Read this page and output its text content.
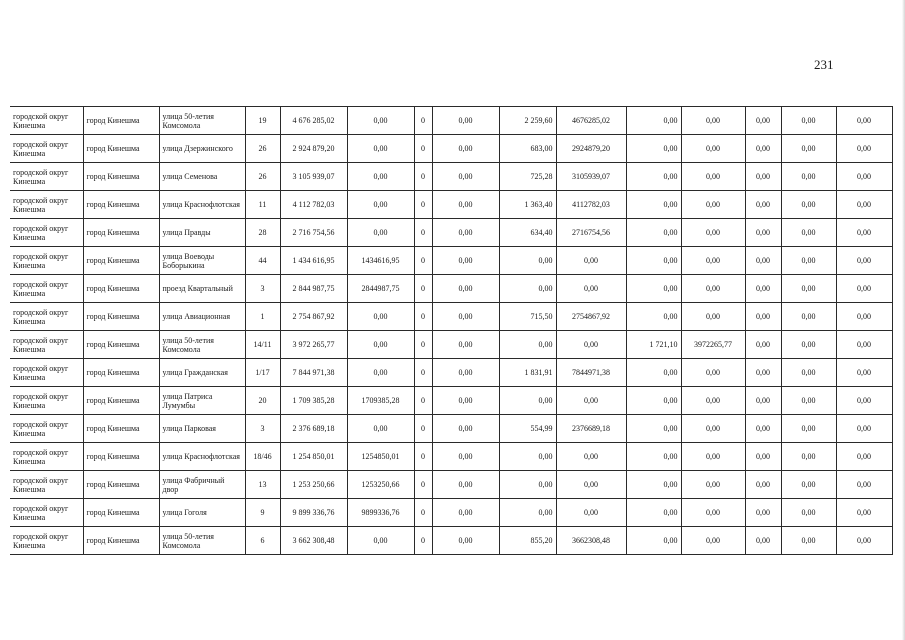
231
городской округ Кинешма	город Кинешма	улица 50-летия Комсомола	19	4 676 285,02	0,00	0	0,00	2 259,60	4676285,02	0,00	0,00	0,00	0,00	0,00
городской округ Кинешма	город Кинешма	улица Дзержинского	26	2 924 879,20	0,00	0	0,00	683,00	2924879,20	0,00	0,00	0,00	0,00	0,00
городской округ Кинешма	город Кинешма	улица Семенова	26	3 105 939,07	0,00	0	0,00	725,28	3105939,07	0,00	0,00	0,00	0,00	0,00
городской округ Кинешма	город Кинешма	улица Краснофлотская	11	4 112 782,03	0,00	0	0,00	1 363,40	4112782,03	0,00	0,00	0,00	0,00	0,00
городской округ Кинешма	город Кинешма	улица Правды	28	2 716 754,56	0,00	0	0,00	634,40	2716754,56	0,00	0,00	0,00	0,00	0,00
городской округ Кинешма	город Кинешма	улица Воеводы Боборыкина	44	1 434 616,95	1434616,95	0	0,00	0,00	0,00	0,00	0,00	0,00	0,00	0,00
городской округ Кинешма	город Кинешма	проезд Квартальный	3	2 844 987,75	2844987,75	0	0,00	0,00	0,00	0,00	0,00	0,00	0,00	0,00
городской округ Кинешма	город Кинешма	улица Авиационная	1	2 754 867,92	0,00	0	0,00	715,50	2754867,92	0,00	0,00	0,00	0,00	0,00
городской округ Кинешма	город Кинешма	улица 50-летия Комсомола	14/11	3 972 265,77	0,00	0	0,00	0,00	0,00	1 721,10	3972265,77	0,00	0,00	0,00
городской округ Кинешма	город Кинешма	улица Гражданская	1/17	7 844 971,38	0,00	0	0,00	1 831,91	7844971,38	0,00	0,00	0,00	0,00	0,00
городской округ Кинешма	город Кинешма	улица Патриса Лумумбы	20	1 709 385,28	1709385,28	0	0,00	0,00	0,00	0,00	0,00	0,00	0,00	0,00
городской округ Кинешма	город Кинешма	улица Парковая	3	2 376 689,18	0,00	0	0,00	554,99	2376689,18	0,00	0,00	0,00	0,00	0,00
городской округ Кинешма	город Кинешма	улица Краснофлотская	18/46	1 254 850,01	1254850,01	0	0,00	0,00	0,00	0,00	0,00	0,00	0,00	0,00
городской округ Кинешма	город Кинешма	улица Фабричный двор	13	1 253 250,66	1253250,66	0	0,00	0,00	0,00	0,00	0,00	0,00	0,00	0,00
городской округ Кинешма	город Кинешма	улица Гоголя	9	9 899 336,76	9899336,76	0	0,00	0,00	0,00	0,00	0,00	0,00	0,00	0,00
городской округ Кинешма	город Кинешма	улица 50-летия Комсомола	6	3 662 308,48	0,00	0	0,00	855,20	3662308,48	0,00	0,00	0,00	0,00	0,00
